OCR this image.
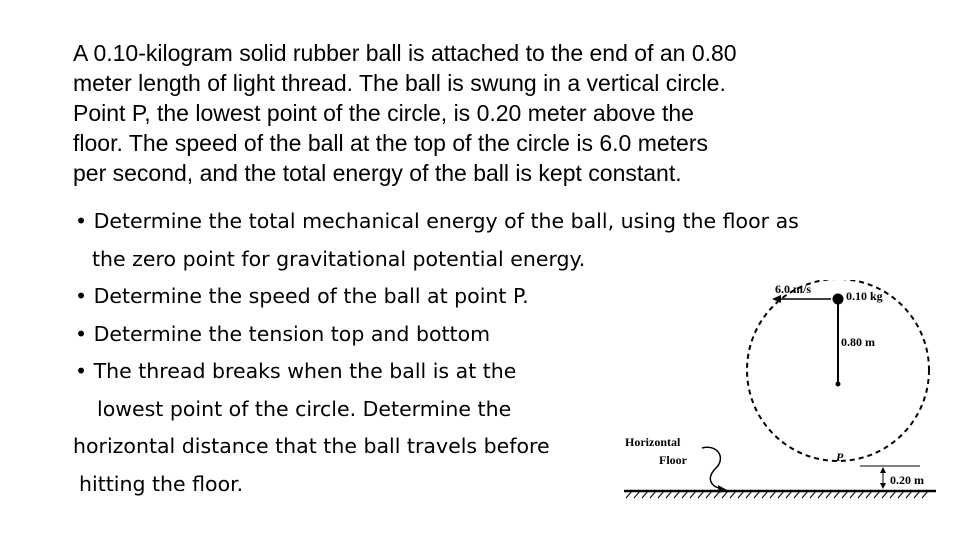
A 0.10-kilogram solid rubber ball is attached to the end of an 0.80
meter length of light thread. The ball is swung in a vertical circle.
Point P, the lowest point of the circle, is 0.20 meter above the
floor. The speed of the ball at the top of the circle is 6.0 meters
per second, and the total energy of the ball is kept constant.
• Determine the total mechanical energy of the ball, using the floor as
the zero point for gravitational potential energy.
• Determine the speed of the ball at point P.
• Determine the tension top and bottom
• The thread breaks when the ball is at the
lowest point of the circle. Determine the
horizontal distance that the ball travels before
hitting the floor.
6.0 m/s	0.10 kg
0.80 m
P
0.20 m
Horizontal
Floor
